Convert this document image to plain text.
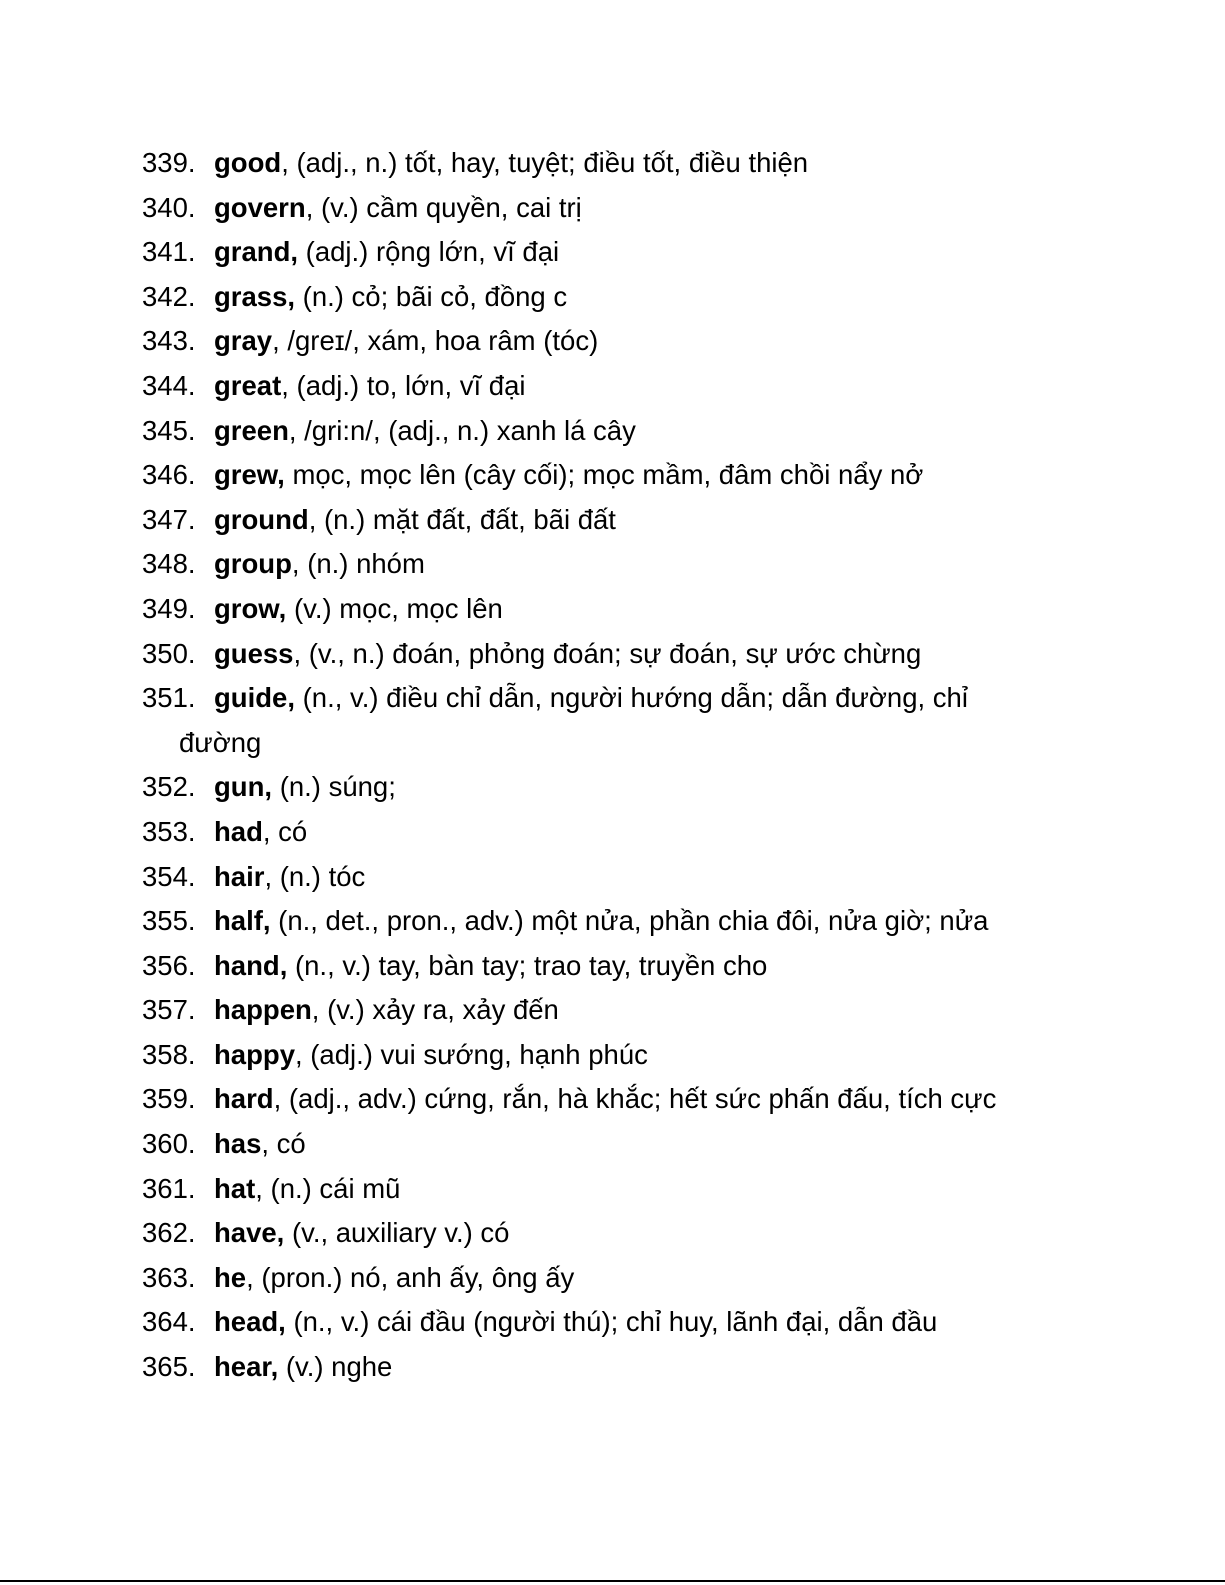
339. good, (adj., n.) tốt, hay, tuyệt; điều tốt, điều thiện
340. govern, (v.) cầm quyền, cai trị
341. grand, (adj.) rộng lớn, vĩ đại
342. grass, (n.) cỏ; bãi cỏ, đồng c
343. gray, /greɪ/, xám, hoa râm (tóc)
344. great, (adj.) to, lớn, vĩ đại
345. green, /gri:n/, (adj., n.) xanh lá cây
346. grew, mọc, mọc lên (cây cối); mọc mầm, đâm chồi nẩy nở
347. ground, (n.) mặt đất, đất, bãi đất
348. group, (n.) nhóm
349. grow, (v.) mọc, mọc lên
350. guess, (v., n.) đoán, phỏng đoán; sự đoán, sự ước chừng
351. guide, (n., v.) điều chỉ dẫn, người hướng dẫn; dẫn đường, chỉ
đường
352. gun, (n.) súng;
353. had, có
354. hair, (n.) tóc
355. half, (n., det., pron., adv.) một nửa, phần chia đôi, nửa giờ; nửa
356. hand, (n., v.) tay, bàn tay; trao tay, truyền cho
357. happen, (v.) xảy ra, xảy đến
358. happy, (adj.) vui sướng, hạnh phúc
359. hard, (adj., adv.) cứng, rắn, hà khắc; hết sức phấn đấu, tích cực
360. has, có
361. hat, (n.) cái mũ
362. have, (v., auxiliary v.) có
363. he, (pron.) nó, anh ấy, ông ấy
364. head, (n., v.) cái đầu (người thú); chỉ huy, lãnh đại, dẫn đầu
365. hear, (v.) nghe
